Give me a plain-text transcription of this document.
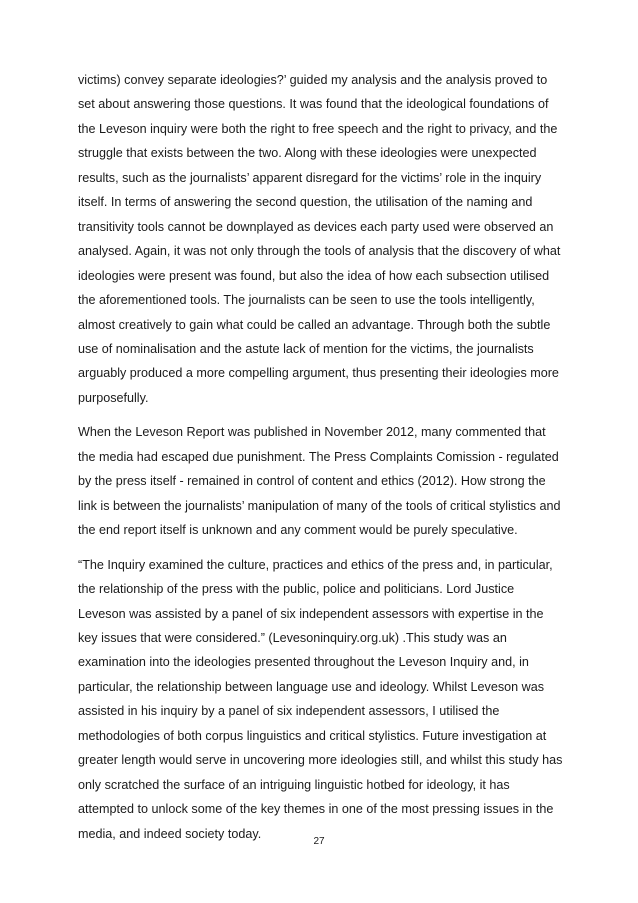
victims) convey separate ideologies?’ guided my analysis and the analysis proved to set about answering those questions. It was found that the ideological foundations of the Leveson inquiry were both the right to free speech and the right to privacy, and the struggle that exists between the two. Along with these ideologies were unexpected results, such as the journalists’ apparent disregard for the victims’ role in the inquiry itself. In terms of answering the second question, the utilisation of the naming and transitivity tools cannot be downplayed as devices each party used were observed an analysed. Again, it was not only through the tools of analysis that the discovery of what ideologies were present was found, but also the idea of how each subsection utilised the aforementioned tools. The journalists can be seen to use the tools intelligently, almost creatively to gain what could be called an advantage. Through both the subtle use of nominalisation and the astute lack of mention for the victims, the journalists arguably produced a more compelling argument, thus presenting their ideologies more purposefully.

When the Leveson Report was published in November 2012, many commented that the media had escaped due punishment. The Press Complaints Comission - regulated by the press itself - remained in control of content and ethics (2012). How strong the link is between the journalists’ manipulation of many of the tools of critical stylistics and the end report itself is unknown and any comment would be purely speculative.

“The Inquiry examined the culture, practices and ethics of the press and, in particular, the relationship of the press with the public, police and politicians. Lord Justice Leveson was assisted by a panel of six independent assessors with expertise in the key issues that were considered.” (Levesoninquiry.org.uk) .This study was an examination into the ideologies presented throughout the Leveson Inquiry and, in particular, the relationship between language use and ideology. Whilst Leveson was assisted in his inquiry by a panel of six independent assessors, I utilised the methodologies of both corpus linguistics and critical stylistics. Future investigation at greater length would serve in uncovering more ideologies still, and whilst this study has only scratched the surface of an intriguing linguistic hotbed for ideology, it has attempted to unlock some of the key themes in one of the most pressing issues in the media, and indeed society today.

27
